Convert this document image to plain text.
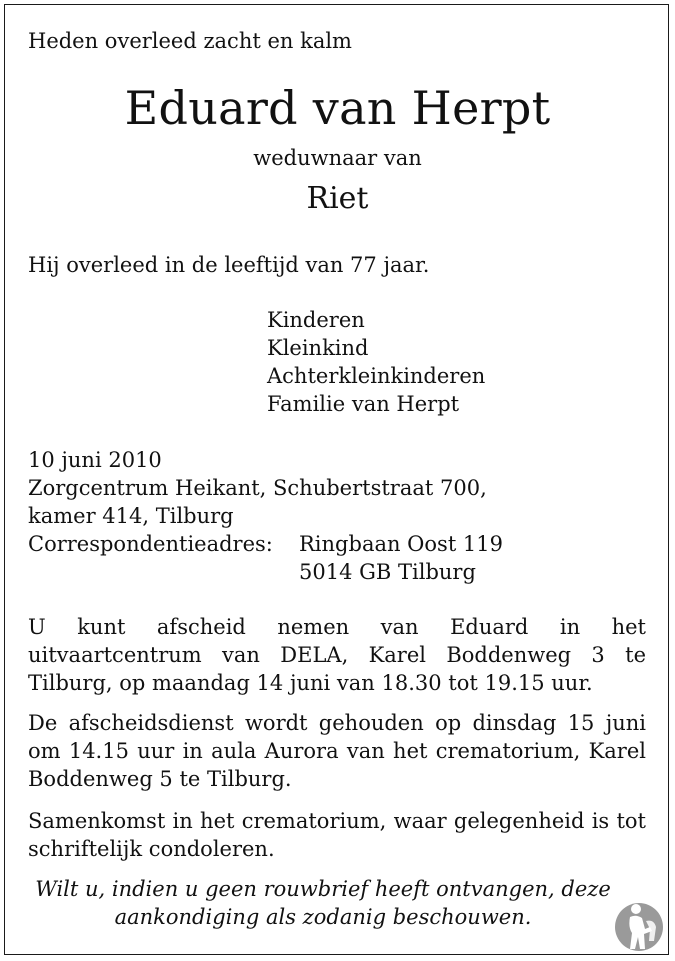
Heden overleed zacht en kalm
Eduard van Herpt
weduwnaar van
Riet
Hij overleed in de leeftijd van 77 jaar.
Kinderen
Kleinkind
Achterkleinkinderen
Familie van Herpt
10 juni 2010
Zorgcentrum Heikant, Schubertstraat 700,
kamer 414, Tilburg
Correspondentieadres: Ringbaan Oost 119
5014 GB Tilburg
U kunt afscheid nemen van Eduard in het uitvaartcentrum van DELA, Karel Boddenweg 3 te Tilburg, op maandag 14 juni van 18.30 tot 19.15 uur.
De afscheidsdienst wordt gehouden op dinsdag 15 juni om 14.15 uur in aula Aurora van het crematorium, Karel Boddenweg 5 te Tilburg.
Samenkomst in het crematorium, waar gelegenheid is tot schriftelijk condoleren.
Wilt u, indien u geen rouwbrief heeft ontvangen, deze
aankondiging als zodanig beschouwen.
